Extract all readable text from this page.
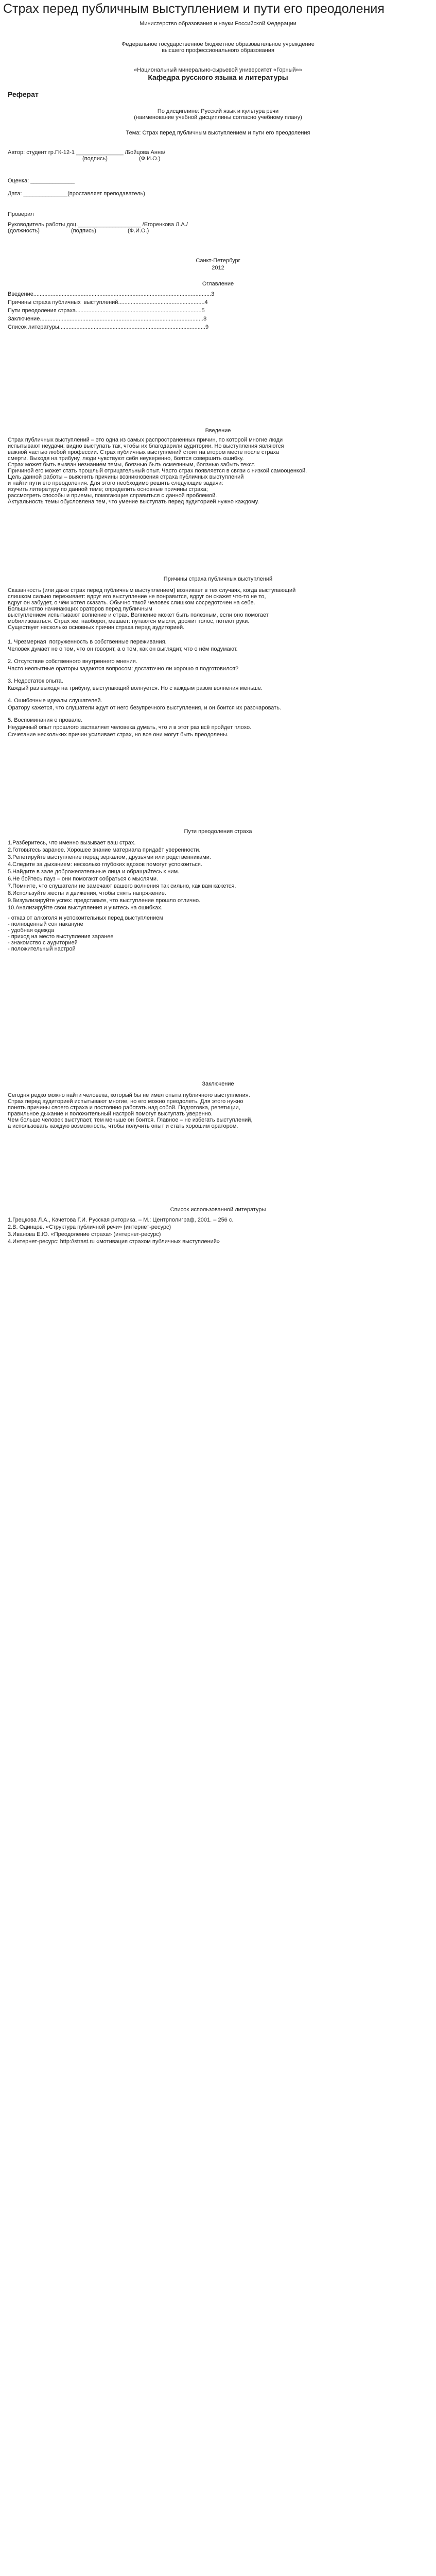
Страх перед публичным выступлением и пути его преодоления
Министерство образования и науки Российской Федерации
Федеральное государственное бюджетное образовательное учреждение
высшего профессионального образования
«Национальный минерально-сырьевой университет «Горный»»
Кафедра русского языка и литературы
Реферат
По дисциплине: Русский язык и культура речи
(наименование учебной дисциплины согласно учебному плану)
Тема: Страх перед публичным выступлением и пути его преодоления
Автор: студент гр.ГК-12-1 _______________ /Бойцова Анна/
(подпись)                    (Ф.И.О.)
Оценка: ______________
Дата: ______________(проставляет преподаватель)
Проверил
Руководитель работы доц.____________________ /Егоренкова Л.А./
(должность)                    (подпись)                    (Ф.И.О.)
Санкт-Петербург
2012
Оглавление
Введение.................................................................................................................3
Причины страха публичных  выступлений.......................................................4
Пути преодоления страха................................................................................5
Заключение........................................................................................................8
Список литературы.............................................................................................9
Введение
Страх публичных выступлений – это одна из самых распространенных причин, по которой многие люди
испытывают неудачи: видно выступать так, чтобы их благодарили аудитории. Но выступления являются
важной частью любой профессии. Страх публичных выступлений стоит на втором месте после страха
смерти. Выходя на трибуну, люди чувствуют себя неуверенно, боятся совершить ошибку.
Страх может быть вызван незнанием темы, боязнью быть осмеянным, боязнью забыть текст.
Причиной его может стать прошлый отрицательный опыт. Часто страх появляется в связи с низкой самооценкой.
Цель данной работы – выяснить причины возникновения страха публичных выступлений
и найти пути его преодоления. Для этого необходимо решить следующие задачи:
изучить литературу по данной теме; определить основные причины страха;
рассмотреть способы и приемы, помогающие справиться с данной проблемой.
Актуальность темы обусловлена тем, что умение выступать перед аудиторией нужно каждому.
Причины страха публичных выступлений
Сказанность (или даже страх перед публичным выступлением) возникает в тех случаях, когда выступающий
слишком сильно переживает: вдруг его выступление не понравится, вдруг он скажет что-то не то,
вдруг он забудет, о чём хотел сказать. Обычно такой человек слишком сосредоточен на себе.
Большинство начинающих ораторов перед публичным
выступлением испытывают волнение и страх. Волнение может быть полезным, если оно помогает
мобилизоваться. Страх же, наоборот, мешает: путаются мысли, дрожит голос, потеют руки.
Существует несколько основных причин страха перед аудиторией.
1. Чрезмерная  погруженность в собственные переживания.
Человек думает не о том, что он говорит, а о том, как он выглядит, что о нём подумают.
2. Отсутствие собственного внутреннего мнения.
Часто неопытные ораторы задаются вопросом: достаточно ли хорошо я подготовился?
3. Недостаток опыта.
Каждый раз выходя на трибуну, выступающий волнуется. Но с каждым разом волнения меньше.
4. Ошибочные идеалы слушателей.
Оратору кажется, что слушатели ждут от него безупречного выступления, и он боится их разочаровать.
5. Воспоминания о провале.
Неудачный опыт прошлого заставляет человека думать, что и в этот раз всё пройдет плохо.
Сочетание нескольких причин усиливает страх, но все они могут быть преодолены.
Пути преодоления страха
1.Разберитесь, что именно вызывает ваш страх.
2.Готовьтесь заранее. Хорошее знание материала придаёт уверенности.
3.Репетируйте выступление перед зеркалом, друзьями или родственниками.
4.Следите за дыханием: несколько глубоких вдохов помогут успокоиться.
5.Найдите в зале доброжелательные лица и обращайтесь к ним.
6.Не бойтесь пауз – они помогают собраться с мыслями.
7.Помните, что слушатели не замечают вашего волнения так сильно, как вам кажется.
8.Используйте жесты и движения, чтобы снять напряжение.
9.Визуализируйте успех: представьте, что выступление прошло отлично.
10.Анализируйте свои выступления и учитесь на ошибках.
- отказ от алкоголя и успокоительных перед выступлением
- полноценный сон накануне
- удобная одежда
- приход на место выступления заранее
- знакомство с аудиторией
- положительный настрой
Заключение
Сегодня редко можно найти человека, который бы не имел опыта публичного выступления.
Страх перед аудиторией испытывают многие, но его можно преодолеть. Для этого нужно
понять причины своего страха и постоянно работать над собой. Подготовка, репетиции,
правильное дыхание и положительный настрой помогут выступать уверенно.
Чем больше человек выступает, тем меньше он боится. Главное – не избегать выступлений,
а использовать каждую возможность, чтобы получить опыт и стать хорошим оратором.
Список использованной литературы
1.Грецкова Л.А., Качетова Г.И. Русская риторика. – М.: Центрполиграф, 2001. – 256 с.
2.В. Одинцов. «Структура публичной речи» (интернет-ресурс)
3.Иванова Е.Ю. «Преодоление страха» (интернет-ресурс)
4.Интернет-ресурс: http://strast.ru «мотивация страхом публичных выступлений»
